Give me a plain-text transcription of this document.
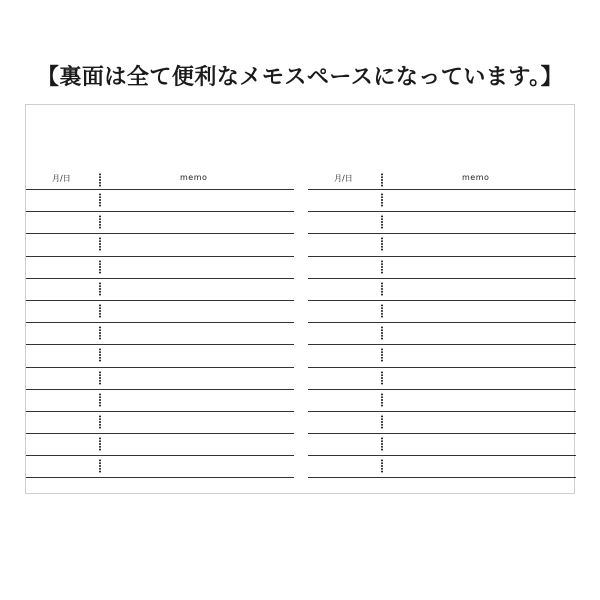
【裏面は全て便利なメモスペースになっています。】
月/日	memo	月/日	memo
